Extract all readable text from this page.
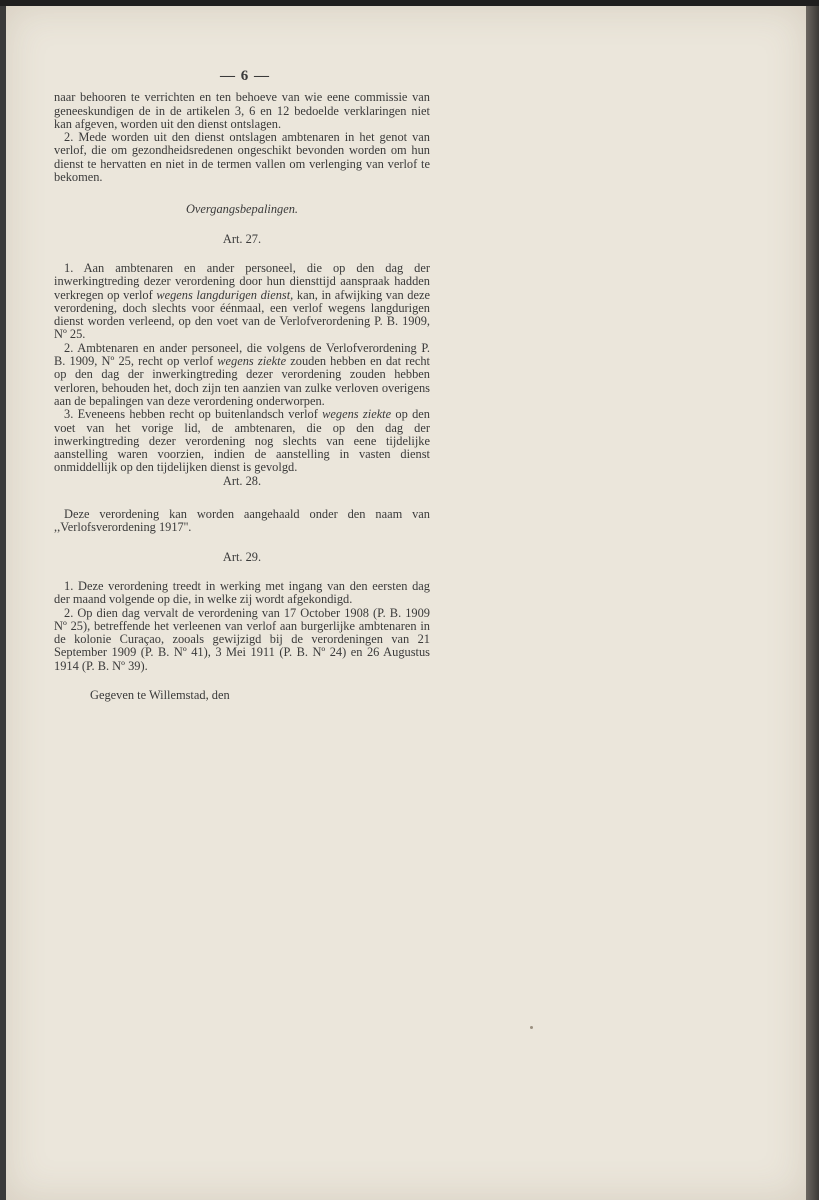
— 6 —

naar behooren te verrichten en ten behoeve van wie eene commissie van geneeskundigen de in de artikelen 3, 6 en 12 bedoelde verklaringen niet kan afgeven, worden uit den dienst ontslagen.

2. Mede worden uit den dienst ontslagen ambtenaren in het genot van verlof, die om gezondheidsredenen ongeschikt bevonden worden om hun dienst te hervatten en niet in de termen vallen om verlenging van verlof te bekomen.

Overgangsbepalingen.
Art. 27.

1. Aan ambtenaren en ander personeel, die op den dag der inwerkingtreding dezer verordening door hun diensttijd aanspraak hadden verkregen op verlof wegens langdurigen dienst, kan, in afwijking van deze verordening, doch slechts voor éénmaal, een verlof wegens langdurigen dienst worden verleend, op den voet van de Verlofverordening P. B. 1909, Nº 25.

2. Ambtenaren en ander personeel, die volgens de Verlofverordening P. B. 1909, Nº 25, recht op verlof wegens ziekte zouden hebben en dat recht op den dag der inwerkingtreding dezer verordening zouden hebben verloren, behouden het, doch zijn ten aanzien van zulke verloven overigens aan de bepalingen van deze verordening onderworpen.

3. Eveneens hebben recht op buitenlandsch verlof wegens ziekte op den voet van het vorige lid, de ambtenaren, die op den dag der inwerkingtreding dezer verordening nog slechts van eene tijdelijke aanstelling waren voorzien, indien de aanstelling in vasten dienst onmiddellijk op den tijdelijken dienst is gevolgd.

Art. 28.

Deze verordening kan worden aangehaald onder den naam van ,,Verlofsverordening 1917''.

Art. 29.

1. Deze verordening treedt in werking met ingang van den eersten dag der maand volgende op die, in welke zij wordt afgekondigd.

2. Op dien dag vervalt de verordening van 17 October 1908 (P. B. 1909 Nº 25), betreffende het verleenen van verlof aan burgerlijke ambtenaren in de kolonie Curaçao, zooals gewijzigd bij de verordeningen van 21 September 1909 (P. B. Nº 41), 3 Mei 1911 (P. B. Nº 24) en 26 Augustus 1914 (P. B. Nº 39).

Gegeven te Willemstad, den
